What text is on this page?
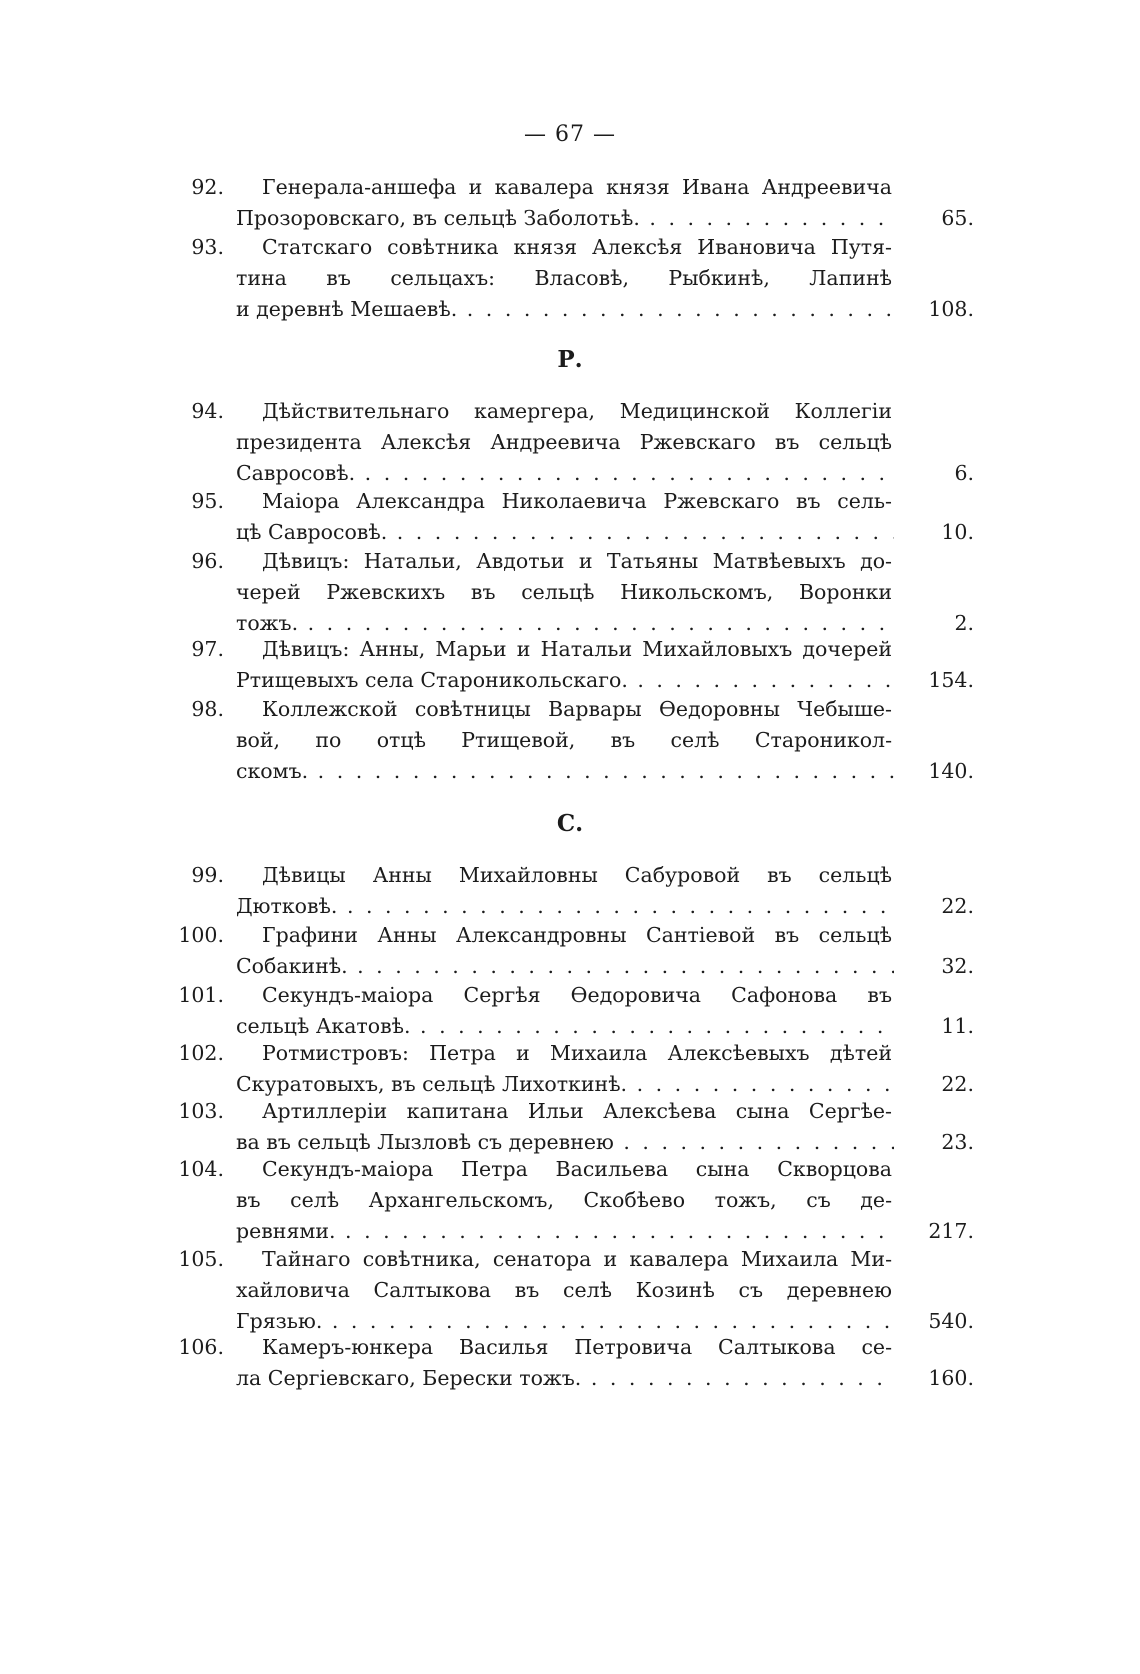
— 67 —
92. Генерала-аншефа и кавалера князя Ивана Андреевича
Прозоровскаго, въ сельцѣ Заболотьѣ. . . .	65.
93. Статскаго совѣтника князя Алексѣя Ивановича Путя-
тина въ сельцахъ: Власовѣ, Рыбкинѣ, Лапинѣ
и деревнѣ Мешаевѣ. . . .	108.
94. Дѣйствительнаго камергера, Медицинской Коллегіи
президента Алексѣя Андреевича Ржевскаго въ сельцѣ
Савросовѣ. . . .	6.
95. Маіора Александра Николаевича Ржевскаго въ сель-
цѣ Савросовѣ. . . .	10.
96. Дѣвицъ: Натальи, Авдотьи и Татьяны Матвѣевыхъ до-
черей Ржевскихъ въ сельцѣ Никольскомъ, Воронки
тожъ. . . .	2.
97. Дѣвицъ: Анны, Марьи и Натальи Михайловыхъ дочерей
Ртищевыхъ села Староникольскаго. . . .	154.
98. Коллежской совѣтницы Варвары Ѳедоровны Чебыше-
вой, по отцѣ Ртищевой, въ селѣ Староникол-
скомъ. . . .	140.
99. Дѣвицы Анны Михайловны Сабуровой въ сельцѣ
Дютковѣ. . . .	22.
100. Графини Анны Александровны Сантіевой въ сельцѣ
Собакинѣ. . . .	32.
101. Секундъ-маіора Сергѣя Ѳедоровича Сафонова въ
сельцѣ Акатовѣ. . . .	11.
102. Ротмистровъ: Петра и Михаила Алексѣевыхъ дѣтей
Скуратовыхъ, въ сельцѣ Лихоткинѣ. . . .	22.
103. Артиллеріи капитана Ильи Алексѣева сына Сергѣе-
ва въ сельцѣ Лызловѣ съ деревнею . . .	23.
104. Секундъ-маіора Петра Васильева сына Скворцова
въ селѣ Архангельскомъ, Скобѣево тожъ, съ де-
ревнями. . . .	217.
105. Тайнаго совѣтника, сенатора и кавалера Михаила Ми-
хайловича Салтыкова въ селѣ Козинѣ съ деревнею
Грязью. . . .	540.
106. Камеръ-юнкера Василья Петровича Салтыкова се-
ла Сергіевскаго, Берески тожъ. . . .	160.
Р.
С.
